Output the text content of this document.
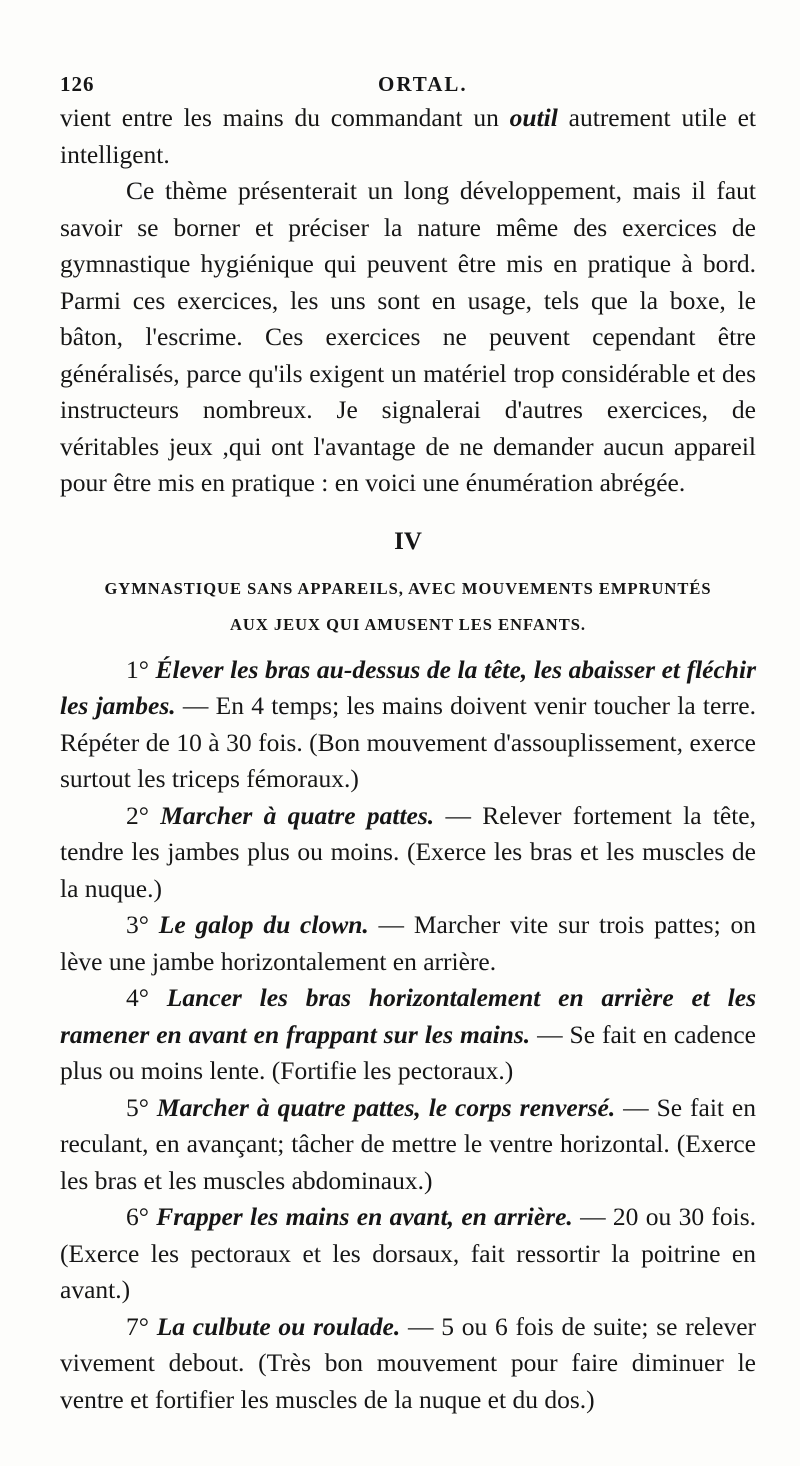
126	ORTAL.

vient entre les mains du commandant un outil autrement utile et intelligent.

Ce thème présenterait un long développement, mais il faut savoir se borner et préciser la nature même des exercices de gymnastique hygiénique qui peuvent être mis en pratique à bord. Parmi ces exercices, les uns sont en usage, tels que la boxe, le bâton, l'escrime. Ces exercices ne peuvent cependant être généralisés, parce qu'ils exigent un matériel trop considérable et des instructeurs nombreux. Je signalerai d'autres exercices, de véritables jeux ,qui ont l'avantage de ne demander aucun appareil pour être mis en pratique : en voici une énumération abrégée.

IV
GYMNASTIQUE SANS APPAREILS, AVEC MOUVEMENTS EMPRUNTÉS
AUX JEUX QUI AMUSENT LES ENFANTS.

1° Élever les bras au-dessus de la tête, les abaisser et fléchir les jambes. — En 4 temps; les mains doivent venir toucher la terre. Répéter de 10 à 30 fois. (Bon mouvement d'assouplissement, exerce surtout les triceps fémoraux.)

2° Marcher à quatre pattes. — Relever fortement la tête, tendre les jambes plus ou moins. (Exerce les bras et les muscles de la nuque.)

3° Le galop du clown. — Marcher vite sur trois pattes; on lève une jambe horizontalement en arrière.

4° Lancer les bras horizontalement en arrière et les ramener en avant en frappant sur les mains. — Se fait en cadence plus ou moins lente. (Fortifie les pectoraux.)

5° Marcher à quatre pattes, le corps renversé. — Se fait en reculant, en avançant; tâcher de mettre le ventre horizontal. (Exerce les bras et les muscles abdominaux.)

6° Frapper les mains en avant, en arrière. — 20 ou 30 fois. (Exerce les pectoraux et les dorsaux, fait ressortir la poitrine en avant.)

7° La culbute ou roulade. — 5 ou 6 fois de suite; se relever vivement debout. (Très bon mouvement pour faire diminuer le ventre et fortifier les muscles de la nuque et du dos.)
